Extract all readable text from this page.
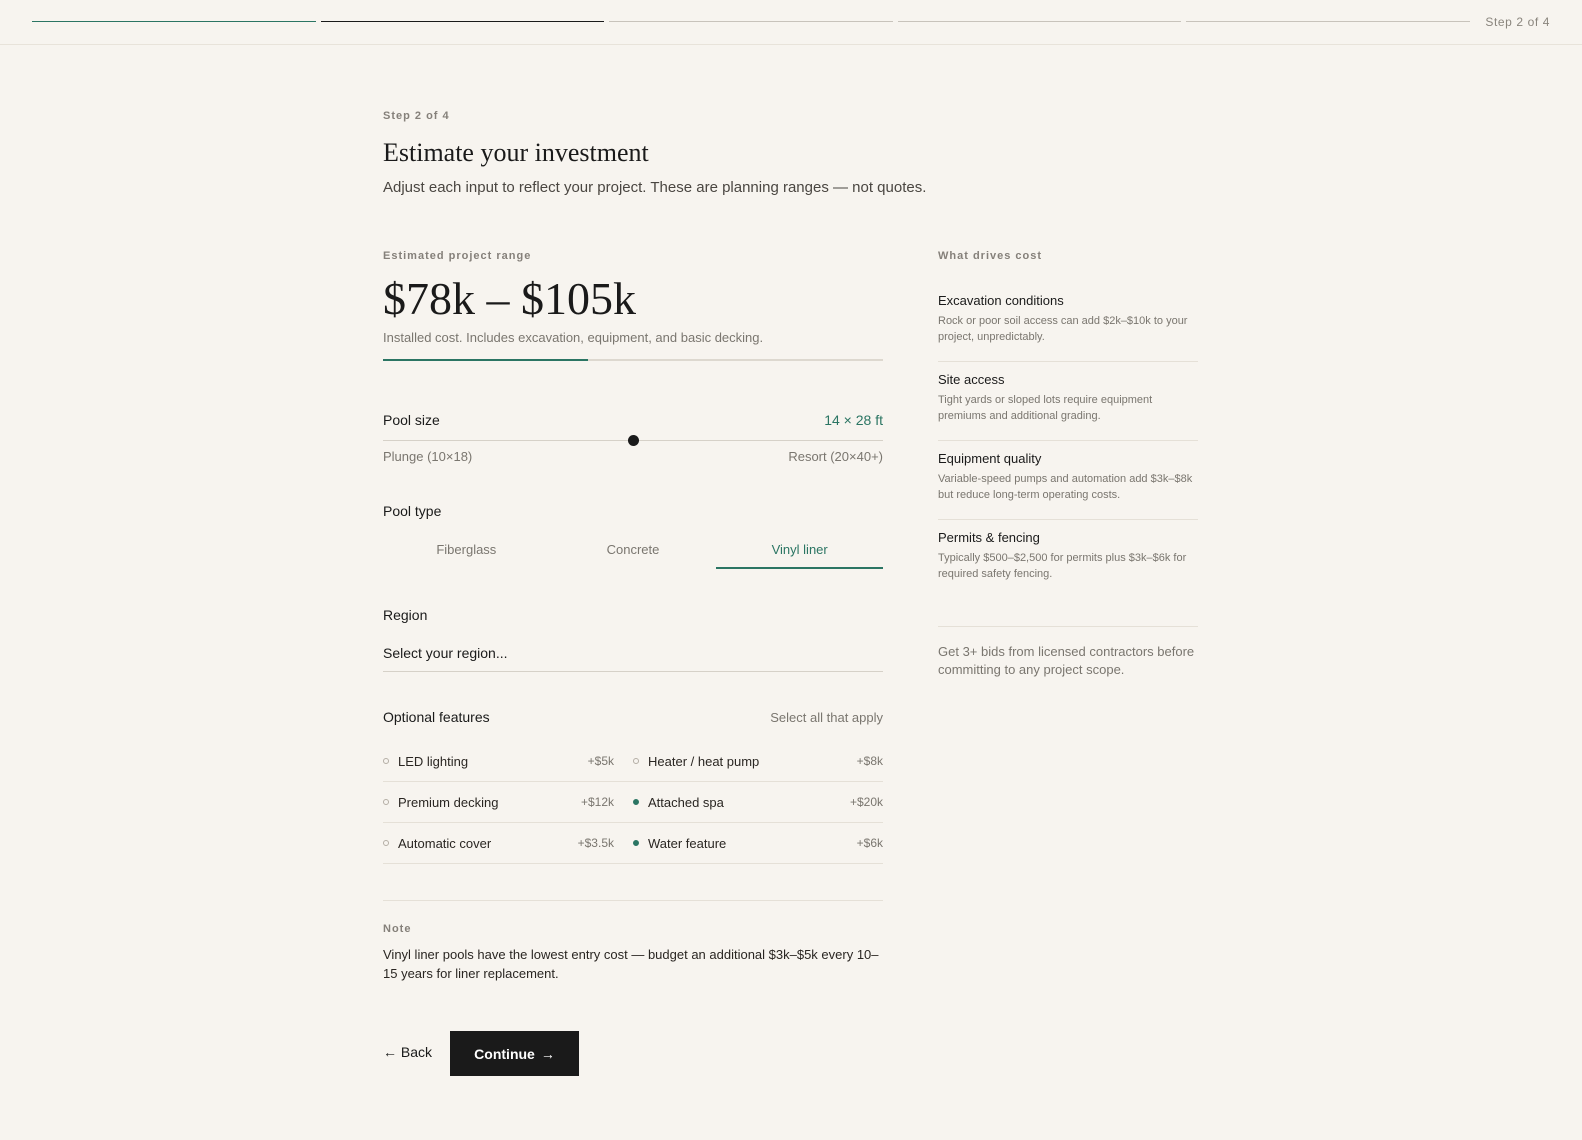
Step 2 of 4
Step 2 of 4
Estimate your investment

Adjust each input to reflect your project. These are planning ranges — not quotes.

Estimated project range
$78k – $105k
Installed cost. Includes excavation, equipment, and basic decking.
Pool size	14 × 28 ft
Plunge (10×18)	Resort (20×40+)
Pool type
Fiberglass	Concrete	Vinyl liner
Region
Select your region...
Optional features	Select all that apply
LED lighting	+$5k	Heater / heat pump	+$8k
Premium decking	+$12k	Attached spa	+$20k
Automatic cover	+$3.5k	Water feature	+$6k
Note

Vinyl liner pools have the lowest entry cost — budget an additional $3k–$5k every 10–15 years for liner replacement.

← Back	Continue →
What drives cost
Excavation conditions
Rock or poor soil access can add $2k–$10k to your project, unpredictably.
Site access
Tight yards or sloped lots require equipment premiums and additional grading.
Equipment quality
Variable-speed pumps and automation add $3k–$8k but reduce long-term operating costs.
Permits & fencing
Typically $500–$2,500 for permits plus $3k–$6k for required safety fencing.

Get 3+ bids from licensed contractors before committing to any project scope.
